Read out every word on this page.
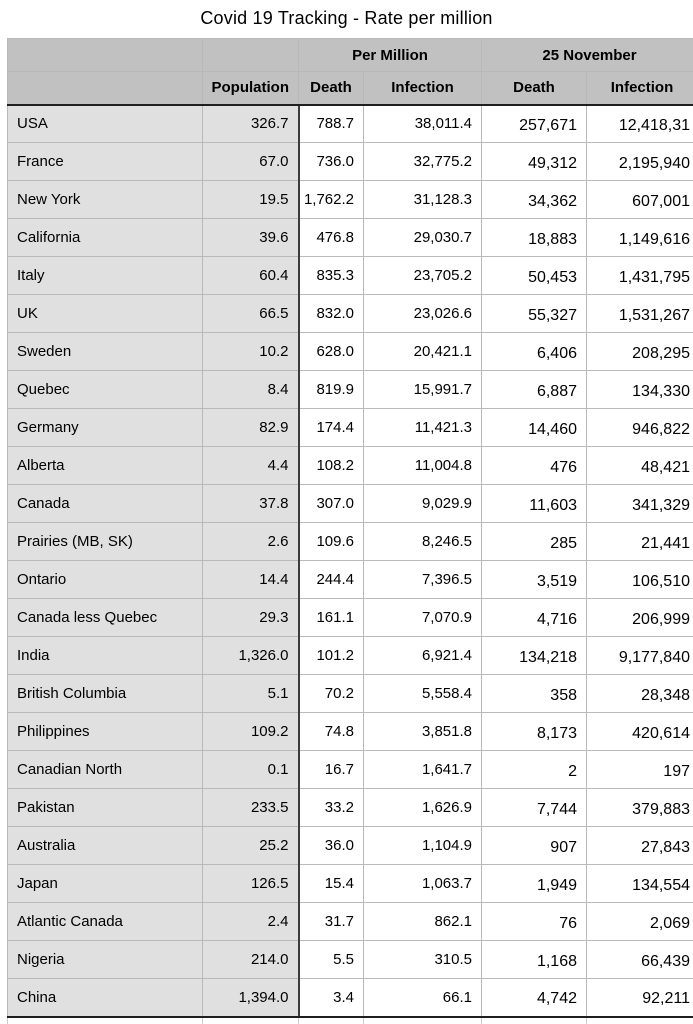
Covid 19 Tracking - Rate per million
		Per Million		25 November	
	Population	Death	Infection	Death	Infection
USA	326.7	788.7	38,011.4	257,671	12,418,31
France	67.0	736.0	32,775.2	49,312	2,195,940
New York	19.5	1,762.2	31,128.3	34,362	607,001
California	39.6	476.8	29,030.7	18,883	1,149,616
Italy	60.4	835.3	23,705.2	50,453	1,431,795
UK	66.5	832.0	23,026.6	55,327	1,531,267
Sweden	10.2	628.0	20,421.1	6,406	208,295
Quebec	8.4	819.9	15,991.7	6,887	134,330
Germany	82.9	174.4	11,421.3	14,460	946,822
Alberta	4.4	108.2	11,004.8	476	48,421
Canada	37.8	307.0	9,029.9	11,603	341,329
Prairies (MB, SK)	2.6	109.6	8,246.5	285	21,441
Ontario	14.4	244.4	7,396.5	3,519	106,510
Canada less Quebec	29.3	161.1	7,070.9	4,716	206,999
India	1,326.0	101.2	6,921.4	134,218	9,177,840
British Columbia	5.1	70.2	5,558.4	358	28,348
Philippines	109.2	74.8	3,851.8	8,173	420,614
Canadian North	0.1	16.7	1,641.7	2	197
Pakistan	233.5	33.2	1,626.9	7,744	379,883
Australia	25.2	36.0	1,104.9	907	27,843
Japan	126.5	15.4	1,063.7	1,949	134,554
Atlantic Canada	2.4	31.7	862.1	76	2,069
Nigeria	214.0	5.5	310.5	1,168	66,439
China	1,394.0	3.4	66.1	4,742	92,211
